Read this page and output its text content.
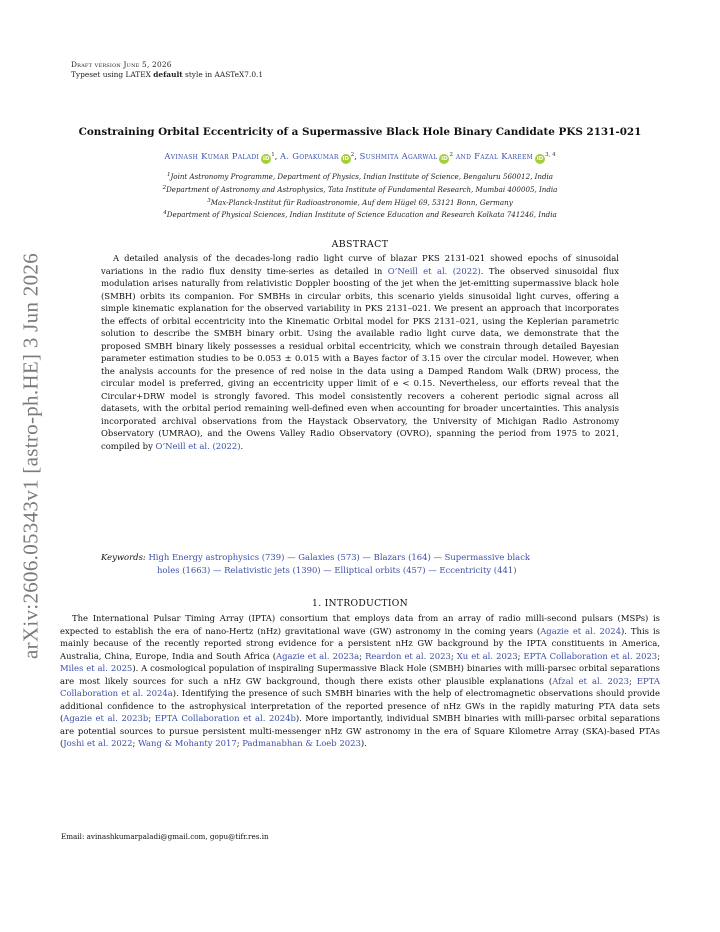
arXiv:2606.05343v1 [astro-ph.HE] 3 Jun 2026
Draft version June 5, 2026
Typeset using LATEX default style in AASTeX7.0.1
Constraining Orbital Eccentricity of a Supermassive Black Hole Binary Candidate PKS 2131-021
Avinash Kumar Paladi $iD^1$, A. Gopakumar $iD^2$, Sushmita Agarwal $iD^2$ and Fazal Kareem iD$^{3, 4}$
$^1$Joint Astronomy Programme, Department of Physics, Indian Institute of Science, Bengaluru 560012, India
$^2$Department of Astronomy and Astrophysics, Tata Institute of Fundamental Research, Mumbai 400005, India
$^3$Max-Planck-Institut für Radioastronomie, Auf dem Hügel 69, 53121 Bonn, Germany
$^4$Department of Physical Sciences, Indian Institute of Science Education and Research Kolkata 741246, India
ABSTRACT

A detailed analysis of the decades-long radio light curve of blazar PKS 2131-021 showed epochs of sinusoidal variations in the radio flux density time-series as detailed in O’Neill et al. (2022). The observed sinusoidal flux modulation arises naturally from relativistic Doppler boosting of the jet when the jet-emitting supermassive black hole (SMBH) orbits its companion. For SMBHs in circular orbits, this scenario yields sinusoidal light curves, offering a simple kinematic explanation for the observed variability in PKS 2131–021. We present an approach that incorporates the effects of orbital eccentricity into the Kinematic Orbital model for PKS 2131–021, using the Keplerian parametric solution to describe the SMBH binary orbit. Using the available radio light curve data, we demonstrate that the proposed SMBH binary likely possesses a residual orbital eccentricity, which we constrain through detailed Bayesian parameter estimation studies to be 0.053 ± 0.015 with a Bayes factor of 3.15 over the circular model. However, when the analysis accounts for the presence of red noise in the data using a Damped Random Walk (DRW) process, the circular model is preferred, giving an eccentricity upper limit of e < 0.15. Nevertheless, our efforts reveal that the Circular+DRW model is strongly favored. This model consistently recovers a coherent periodic signal across all datasets, with the orbital period remaining well-defined even when accounting for broader uncertainties. This analysis incorporated archival observations from the Haystack Observatory, the University of Michigan Radio Astronomy Observatory (UMRAO), and the Owens Valley Radio Observatory (OVRO), spanning the period from 1975 to 2021, compiled by O’Neill et al. (2022).

Keywords: High Energy astrophysics (739) — Galaxies (573) — Blazars (164) — Supermassive black
holes (1663) — Relativistic jets (1390) — Elliptical orbits (457) — Eccentricity (441)
1. INTRODUCTION

The International Pulsar Timing Array (IPTA) consortium that employs data from an array of radio milli-second pulsars (MSPs) is expected to establish the era of nano-Hertz (nHz) gravitational wave (GW) astronomy in the coming years (Agazie et al. 2024). This is mainly because of the recently reported strong evidence for a persistent nHz GW background by the IPTA constituents in America, Australia, China, Europe, India and South Africa (Agazie et al. 2023a; Reardon et al. 2023; Xu et al. 2023; EPTA Collaboration et al. 2023; Miles et al. 2025). A cosmological population of inspiraling Supermassive Black Hole (SMBH) binaries with milli-parsec orbital separations are most likely sources for such a nHz GW background, though there exists other plausible explanations (Afzal et al. 2023; EPTA Collaboration et al. 2024a). Identifying the presence of such SMBH binaries with the help of electromagnetic observations should provide additional confidence to the astrophysical interpretation of the reported presence of nHz GWs in the rapidly maturing PTA data sets (Agazie et al. 2023b; EPTA Collaboration et al. 2024b). More importantly, individual SMBH binaries with milli-parsec orbital separations are potential sources to pursue persistent multi-messenger nHz GW astronomy in the era of Square Kilometre Array (SKA)-based PTAs (Joshi et al. 2022; Wang & Mohanty 2017; Padmanabhan & Loeb 2023).

Email: avinashkumarpaladi@gmail.com, gopu@tifr.res.in
